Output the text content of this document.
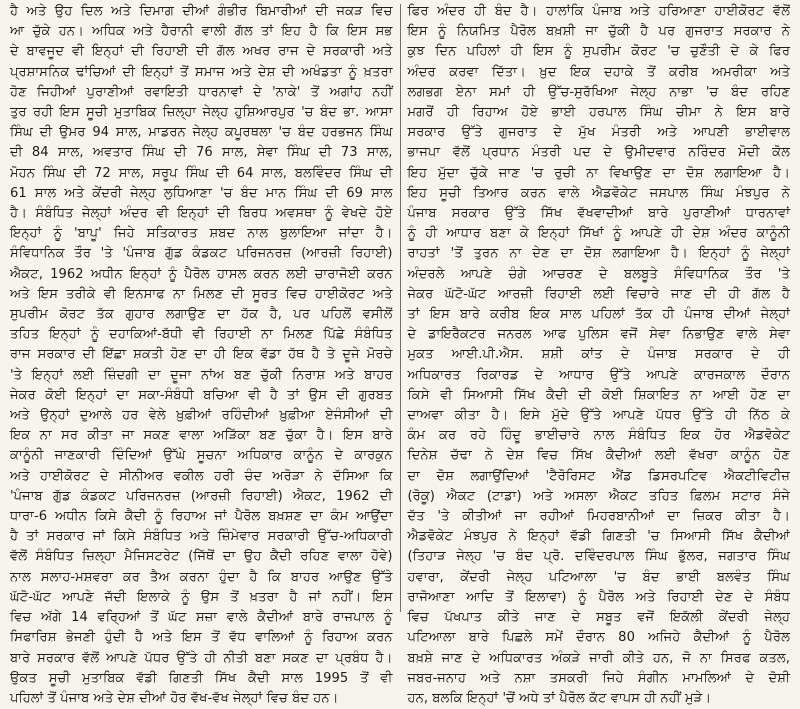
ਹੈ ਅਤੇ ਉਹ ਦਿਲ ਅਤੇ ਦਿਮਾਗ ਦੀਆਂ ਗੰਭੀਰ ਬਿਮਾਰੀਆਂ ਦੀ ਜਕੜ ਵਿਚ

ਆ ਚੁੱਕੇ ਹਨ। ਅਧਿਕ ਅਤੇ ਹੈਰਾਨੀ ਵਾਲੀ ਗੱਲ ਤਾਂ ਇਹ ਹੈ ਕਿ ਇਸ ਸਭ

ਦੇ ਬਾਵਜੂਦ ਵੀ ਇਨ੍ਹਾਂ ਦੀ ਰਿਹਾਈ ਦੀ ਗੱਲ ਅਖਰ ਰਾਜ ਦੇ ਸਰਕਾਰੀ ਅਤੇ

ਪ੍ਰਸ਼ਾਸਨਿਕ ਢਾਂਚਿਆਂ ਦੀ ਇਨ੍ਹਾਂ ਤੋਂ ਸਮਾਜ ਅਤੇ ਦੇਸ਼ ਦੀ ਅਖੰਡਤਾ ਨੂੰ ਖ਼ਤਰਾ

ਹੋਣ ਜਿਹੀਆਂ ਪੁਰਾਣੀਆਂ ਰਵਾਇਤੀ ਧਾਰਨਾਵਾਂ ਦੇ 'ਨਾਕੇ' ਤੋਂ ਅਗਾਂਹ ਨਹੀਂ

ਤੁਰ ਰਹੀ ਇਸ ਸੂਚੀ ਮੁਤਾਬਿਕ ਜ਼ਿਲ੍ਹਾ ਜੇਲ੍ਹ ਹੁਸ਼ਿਆਰਪੁਰ 'ਚ ਬੰਦ ਭਾ. ਆਸਾ

ਸਿੰਘ ਦੀ ਉਮਰ 94 ਸਾਲ, ਮਾਡਰਨ ਜੇਲ੍ਹ ਕਪੂਰਥਲਾ 'ਚ ਬੰਦ ਹਰਭਜਨ ਸਿੰਘ

ਦੀ 84 ਸਾਲ, ਅਵਤਾਰ ਸਿੰਘ ਦੀ 76 ਸਾਲ, ਸੇਵਾ ਸਿੰਘ ਦੀ 73 ਸਾਲ,

ਮੋਹਨ ਸਿੰਘ ਦੀ 72 ਸਾਲ, ਸਰੂਪ ਸਿੰਘ ਦੀ 64 ਸਾਲ, ਬਲਵਿੰਦਰ ਸਿੰਘ ਦੀ

61 ਸਾਲ ਅਤੇ ਕੇਂਦਰੀ ਜੇਲ੍ਹ ਲੁਧਿਆਣਾ 'ਚ ਬੰਦ ਮਾਨ ਸਿੰਘ ਦੀ 69 ਸਾਲ

ਹੈ। ਸੰਬੰਧਿਤ ਜੇਲ੍ਹਾਂ ਅੰਦਰ ਵੀ ਇਨ੍ਹਾਂ ਦੀ ਬਿਰਧ ਅਵਸਥਾ ਨੂੰ ਵੇਖਦੇ ਹੋਏ

ਇਨ੍ਹਾਂ ਨੂੰ 'ਬਾਪੂ' ਜਿਹੇ ਸਤਿਕਾਰਤ ਸ਼ਬਦ ਨਾਲ ਬੁਲਾਇਆ ਜਾਂਦਾ ਹੈ।

ਸੰਵਿਧਾਨਿਕ ਤੌਰ 'ਤੇ 'ਪੰਜਾਬ ਗੁੱਡ ਕੰਡਕਟ ਪਰਿਜਨਰਜ਼ (ਆਰਜ਼ੀ ਰਿਹਾਈ)

ਐਕਟ, 1962 ਅਧੀਨ ਇਨ੍ਹਾਂ ਨੂੰ ਪੈਰੋਲ ਹਾਸਲ ਕਰਨ ਲਈ ਚਾਰਾਜੋਈ ਕਰਨ

ਅਤੇ ਇਸ ਤਰੀਕੇ ਵੀ ਇਨਸਾਫ ਨਾ ਮਿਲਣ ਦੀ ਸੂਰਤ ਵਿਚ ਹਾਈਕੋਰਟ ਅਤੇ

ਸੁਪਰੀਮ ਕੋਰਟ ਤੱਕ ਗੁਹਾਰ ਲਗਾਉਣ ਦਾ ਹੱਕ ਹੈ, ਪਰ ਪਹਿਲੋਂ ਵਸੀਲੋਂ

ਤਹਿਤ ਇਨ੍ਹਾਂ ਨੂੰ ਦਹਾਕਿਆਂ-ਬੱਧੀ ਵੀ ਰਿਹਾਈ ਨਾ ਮਿਲਣ ਪਿੱਛੇ ਸੰਬੰਧਿਤ

ਰਾਜ ਸਰਕਾਰ ਦੀ ਇੱਛਾ ਸ਼ਕਤੀ ਹੋਣ ਦਾ ਹੀ ਇਕ ਵੱਡਾ ਹੱਥ ਹੈ ਤੇ ਦੂਜੇ ਮੋਰਚੇ

'ਤੇ ਇਨ੍ਹਾਂ ਲਈ ਜ਼ਿੰਦਗੀ ਦਾ ਦੂਜਾ ਨਾਂਅ ਬਣ ਚੁੱਕੀ ਨਿਰਾਸ਼ ਅਤੇ ਬਾਹਰ

ਜੇਕਰ ਕੋਈ ਇਨ੍ਹਾਂ ਦਾ ਸਕਾ-ਸੰਬੰਧੀ ਬਚਿਆ ਵੀ ਹੈ ਤਾਂ ਉਸ ਦੀ ਗੁਰਬਤ

ਅਤੇ ਉਨ੍ਹਾਂ ਦੁਆਲੇ ਹਰ ਵੇਲੇ ਖ਼ੁਫ਼ੀਆਂ ਰਹਿੰਦੀਆਂ ਖ਼ੁਫ਼ੀਆ ਏਜੰਸੀਆਂ ਦੀ

ਇਕ ਨਾ ਸਰ ਕੀਤਾ ਜਾ ਸਕਣ ਵਾਲਾ ਅੜਿੱਕਾ ਬਣ ਚੁੱਕਾ ਹੈ। ਇਸ ਬਾਰੇ

ਕਾਨੂੰਨੀ ਜਾਣਕਾਰੀ ਦਿੰਦਿਆਂ ਉੱਘੇ ਸੂਚਨਾ ਅਧਿਕਾਰ ਕਾਨੂੰਨ ਦੇ ਕਾਰਕੁਨ

ਅਤੇ ਹਾਈਕੋਰਟ ਦੇ ਸੀਨੀਅਰ ਵਕੀਲ ਹਰੀ ਚੰਦ ਅਰੋੜਾ ਨੇ ਦੱਸਿਆ ਕਿ

'ਪੰਜਾਬ ਗੁੱਡ ਕੰਡਕਟ ਪਰਿਜਨਰਜ਼ (ਆਰਜ਼ੀ ਰਿਹਾਈ) ਐਕਟ, 1962 ਦੀ

ਧਾਰਾ-6 ਅਧੀਨ ਕਿਸੇ ਕੈਦੀ ਨੂੰ ਰਿਹਾਅ ਜਾਂ ਪੈਰੋਲ ਬਖ਼ਸ਼ਣ ਦਾ ਕੰਮ ਆਉਂਦਾ

ਹੈ ਤਾਂ ਸਰਕਾਰ ਜਾਂ ਕਿਸੇ ਸੰਬੰਧਿਤ ਅਤੇ ਜ਼ਿੰਮੇਵਾਰ ਸਰਕਾਰੀ ਉੱਚ-ਅਧਿਕਾਰੀ

ਵੱਲੋਂ ਸੰਬੰਧਿਤ ਜ਼ਿਲ੍ਹਾ ਮੈਜਿਸਟਰੇਟ (ਜਿੱਥੋਂ ਦਾ ਉਹ ਕੈਦੀ ਰਹਿਣ ਵਾਲਾ ਹੋਵੇ)

ਨਾਲ ਸਲਾਹ-ਮਸ਼ਵਰਾ ਕਰ ਤੈਅ ਕਰਨਾ ਹੁੰਦਾ ਹੈ ਕਿ ਬਾਹਰ ਆਉਣ ਉੱਤੇ

ਘੱਟੋ-ਘੱਟ ਆਪਣੇ ਜੱਦੀ ਇਲਾਕੇ ਨੂੰ ਉਸ ਤੋਂ ਖ਼ਤਰਾ ਹੈ ਜਾਂ ਨਹੀਂ। ਇਸ

ਵਿਚ ਅੱਗੇ 14 ਵਰ੍ਹਿਆਂ ਤੋਂ ਘੱਟ ਸਜ਼ਾ ਵਾਲੇ ਕੈਦੀਆਂ ਬਾਰੇ ਰਾਜਪਾਲ ਨੂੰ

ਸਿਫਾਰਿਸ਼ ਭੇਜਣੀ ਹੁੰਦੀ ਹੈ ਅਤੇ ਇਸ ਤੋਂ ਵੱਧ ਵਾਲਿਆਂ ਨੂੰ ਰਿਹਾਅ ਕਰਨ

ਬਾਰੇ ਸਰਕਾਰ ਵੱਲੋਂ ਆਪਣੇ ਪੱਧਰ ਉੱਤੇ ਹੀ ਨੀਤੀ ਬਣਾ ਸਕਣ ਦਾ ਪ੍ਰਬੰਧ ਹੈ।

ਉਕਤ ਸੂਚੀ ਮੁਤਾਬਿਕ ਵੱਡੀ ਗਿਣਤੀ ਸਿੱਖ ਕੈਦੀ ਸਾਲ 1995 ਤੋਂ ਵੀ

ਪਹਿਲਾਂ ਤੋਂ ਪੰਜਾਬ ਅਤੇ ਦੇਸ਼ ਦੀਆਂ ਹੋਰ ਵੱਖ-ਵੱਖ ਜੇਲ੍ਹਾਂ ਵਿਚ ਬੰਦ ਹਨ।

ਫਿਰ ਅੰਦਰ ਹੀ ਬੰਦ ਹੈ। ਹਾਲਾਂਕਿ ਪੰਜਾਬ ਅਤੇ ਹਰਿਆਣਾ ਹਾਈਕੋਰਟ ਵੱਲੋਂ

ਇਸ ਨੂੰ ਨਿਯਮਿਤ ਪੈਰੋਲ ਬਖ਼ਸ਼ੀ ਜਾ ਚੁੱਕੀ ਹੈ ਪਰ ਗੁਜਰਾਤ ਸਰਕਾਰ ਨੇ

ਕੁਝ ਦਿਨ ਪਹਿਲਾਂ ਹੀ ਇਸ ਨੂੰ ਸੁਪਰੀਮ ਕੋਰਟ 'ਚ ਚੁਣੌਤੀ ਦੇ ਕੇ ਫਿਰ

ਅੰਦਰ ਕਰਵਾ ਦਿੱਤਾ। ਖ਼ੁਦ ਇਕ ਦਹਾਕੇ ਤੋਂ ਕਰੀਬ ਅਮਰੀਕਾ ਅਤੇ

ਲਗਭਗ ਏਨਾ ਸਮਾਂ ਹੀ ਉੱਚ-ਸੁਰੱਖਿਆ ਜੇਲ੍ਹ ਨਾਭਾ 'ਚ ਬੰਦ ਰਹਿਣ

ਮਗਰੋਂ ਹੀ ਰਿਹਾਅ ਹੋਏ ਭਾਈ ਹਰਪਾਲ ਸਿੰਘ ਚੀਮਾ ਨੇ ਇਸ ਬਾਰੇ

ਸਰਕਾਰ ਉੱਤੇ ਗੁਜਰਾਤ ਦੇ ਮੁੱਖ ਮੰਤਰੀ ਅਤੇ ਆਪਣੀ ਭਾਈਵਾਲ

ਭਾਜਪਾ ਵੱਲੋਂ ਪ੍ਰਧਾਨ ਮੰਤਰੀ ਪਦ ਦੇ ਉਮੀਦਵਾਰ ਨਰਿੰਦਰ ਮੋਦੀ ਕੋਲ

ਇਹ ਮੁੱਦਾ ਚੁੱਕੇ ਜਾਣ 'ਚ ਰੁਚੀ ਨਾ ਵਿਖਾਉਣ ਦਾ ਦੋਸ਼ ਲਗਾਇਆ ਹੈ।

ਇਹ ਸੂਚੀ ਤਿਆਰ ਕਰਨ ਵਾਲੇ ਐਡਵੋਕੇਟ ਜਸਪਾਲ ਸਿੰਘ ਮੰਝਪੁਰ ਨੇ

ਪੰਜਾਬ ਸਰਕਾਰ ਉੱਤੇ ਸਿੱਖ ਵੱਖਵਾਦੀਆਂ ਬਾਰੇ ਪੁਰਾਣੀਆਂ ਧਾਰਨਾਵਾਂ

ਨੂੰ ਹੀ ਆਧਾਰ ਬਣਾ ਕੇ ਇਨ੍ਹਾਂ ਸਿੱਖਾਂ ਨੂੰ ਆਪਣੇ ਹੀ ਦੇਸ਼ ਅੰਦਰ ਕਾਨੂੰਨੀ

ਰਾਹਤਾਂ 'ਤੋਂ ਤੁਰਨ ਨਾ ਦੇਣ ਦਾ ਦੋਸ਼ ਲਗਾਇਆ ਹੈ। ਇਨ੍ਹਾਂ ਨੂੰ ਜੇਲ੍ਹਾਂ

ਅੰਦਰਲੇ ਆਪਣੇ ਚੰਗੇ ਆਚਰਣ ਦੇ ਬਲਬੂਤੇ ਸੰਵਿਧਾਨਿਕ ਤੌਰ 'ਤੇ

ਜੇਕਰ ਘੱਟੋ-ਘੱਟ ਆਰਜ਼ੀ ਰਿਹਾਈ ਲਈ ਵਿਚਾਰੇ ਜਾਣ ਦੀ ਹੀ ਗੱਲ ਹੈ

ਤਾਂ ਇਸ ਬਾਰੇ ਕਰੀਬ ਇਕ ਸਾਲ ਪਹਿਲਾਂ ਤੱਕ ਹੀ ਪੰਜਾਬ ਦੀਆਂ ਜੇਲ੍ਹਾਂ

ਦੇ ਡਾਇਰੈਕਟਰ ਜਨਰਲ ਆਫ ਪੁਲਿਸ ਵਜੋਂ ਸੇਵਾ ਨਿਭਾਉਣ ਵਾਲੇ ਸੇਵਾ

ਮੁਕਤ ਆਈ.ਪੀ.ਐਸ. ਸ਼ਸ਼ੀ ਕਾਂਤ ਦੇ ਪੰਜਾਬ ਸਰਕਾਰ ਦੇ ਹੀ

ਅਧਿਕਾਰਤ ਰਿਕਾਰਡ ਦੇ ਆਧਾਰ ਉੱਤੇ ਆਪਣੇ ਕਾਰਜਕਾਲ ਦੌਰਾਨ

ਕਿਸੇ ਵੀ ਸਿਆਸੀ ਸਿੱਖ ਕੈਦੀ ਦੀ ਕੋਈ ਸ਼ਿਕਾਇਤ ਨਾ ਆਈ ਹੋਣ ਦਾ

ਦਾਅਵਾ ਕੀਤਾ ਹੈ। ਇਸੇ ਮੁੱਦੇ ਉੱਤੇ ਆਪਣੇ ਪੱਧਰ ਉੱਤੇ ਹੀ ਨਿੱਠ ਕੇ

ਕੰਮ ਕਰ ਰਹੇ ਹਿੰਦੂ ਭਾਈਚਾਰੇ ਨਾਲ ਸੰਬੰਧਿਤ ਇਕ ਹੋਰ ਐਡਵੋਕੇਟ

ਦਿਨੇਸ਼ ਚੱਢਾ ਨੇ ਦੇਸ਼ ਵਿਚ ਸਿੱਖ ਕੈਦੀਆਂ ਲਈ ਵੱਖਰਾ ਕਾਨੂੰਨ ਹੋਣ

ਦਾ ਦੋਸ਼ ਲਗਾਉਂਦਿਆਂ 'ਟੈਰੋਰਿਸਟ ਐਂਡ ਡਿਸਰਪਟਿਵ ਐਕਟੀਵਿਟੀਜ਼

(ਰੋਕੂ) ਐਕਟ (ਟਾਡਾ) ਅਤੇ ਅਸਲਾ ਐਕਟ ਤਹਿਤ ਫ਼ਿਲਮ ਸਟਾਰ ਸੰਜੇ

ਦੱਤ 'ਤੇ ਕੀਤੀਆਂ ਜਾ ਰਹੀਆਂ ਮਿਹਰਬਾਨੀਆਂ ਦਾ ਜ਼ਿਕਰ ਕੀਤਾ ਹੈ।

ਐਡਵੋਕੇਟ ਮੰਝਪੁਰ ਨੇ ਇਨ੍ਹਾਂ ਵੱਡੀ ਗਿਣਤੀ 'ਚ ਸਿਆਸੀ ਸਿੱਖ ਕੈਦੀਆਂ

(ਤਿਹਾੜ ਜੇਲ੍ਹ 'ਚ ਬੰਦ ਪ੍ਰੋ. ਦਵਿੰਦਰਪਾਲ ਸਿੰਘ ਭੁੱਲਰ, ਜਗਤਾਰ ਸਿੰਘ

ਹਵਾਰਾ, ਕੇਂਦਰੀ ਜੇਲ੍ਹ ਪਟਿਆਲਾ 'ਚ ਬੰਦ ਭਾਈ ਬਲਵੰਤ ਸਿੰਘ

ਰਾਜੋਆਣਾ ਆਦਿ ਤੋਂ ਇਲਾਵਾ) ਨੂੰ ਪੈਰੋਲ ਅਤੇ ਰਿਹਾਈ ਦੇਣ ਦੇ ਸੰਬੰਧ

ਵਿਚ ਪੱਖਪਾਤ ਕੀਤੇ ਜਾਣ ਦੇ ਸਬੂਤ ਵਜੋਂ ਇਕੱਲੀ ਕੇਂਦਰੀ ਜੇਲ੍ਹ

ਪਟਿਆਲਾ ਬਾਰੇ ਪਿਛਲੇ ਸਮੇਂ ਦੌਰਾਨ 80 ਅਜਿਹੇ ਕੈਦੀਆਂ ਨੂੰ ਪੈਰੋਲ

ਬਖ਼ਸ਼ੇ ਜਾਣ ਦੇ ਅਧਿਕਾਰਤ ਅੰਕੜੇ ਜਾਰੀ ਕੀਤੇ ਹਨ, ਜੋ ਨਾ ਸਿਰਫ ਕਤਲ,

ਜਬਰ-ਜਨਾਹ ਅਤੇ ਨਸ਼ਾ ਤਸਕਰੀ ਜਿਹੇ ਸੰਗੀਨ ਮਾਮਲਿਆਂ ਦੇ ਦੋਸ਼ੀ

ਹਨ, ਬਲਕਿ ਇਨ੍ਹਾਂ 'ਚੋਂ ਅਧੇ ਤਾਂ ਪੈਰੋਲ ਕੱਟ ਵਾਪਸ ਹੀ ਨਹੀਂ ਮੁੜੇ।
